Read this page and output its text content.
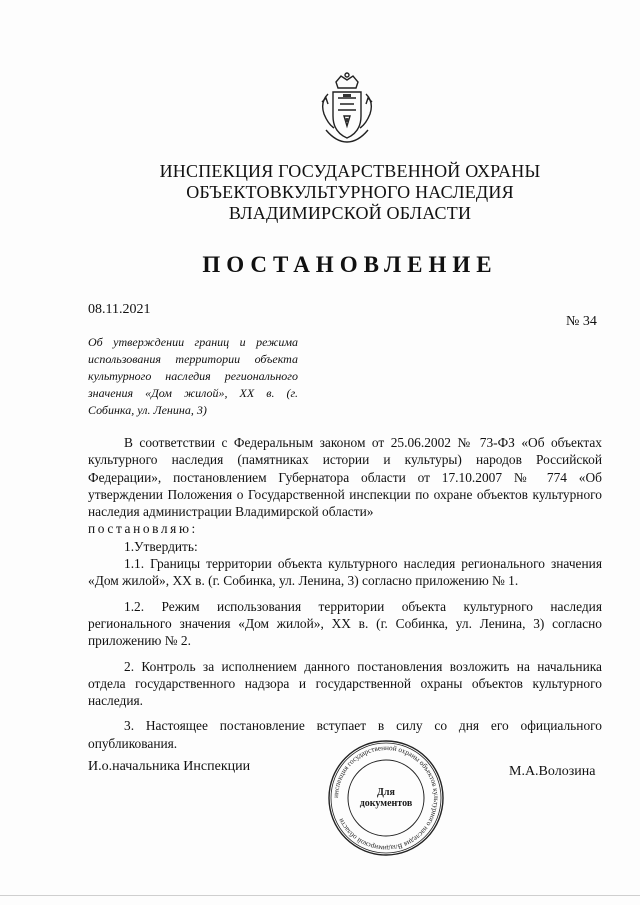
ИНСПЕКЦИЯ ГОСУДАРСТВЕННОЙ ОХРАНЫ
ОБЪЕКТОВКУЛЬТУРНОГО НАСЛЕДИЯ
ВЛАДИМИРСКОЙ ОБЛАСТИ
ПОСТАНОВЛЕНИЕ
08.11.2021
№ 34
Об утверждении границ и режима использования территории объекта культурного наследия регионального значения «Дом жилой», XX в. (г. Собинка, ул. Ленина, 3)

В соответствии с Федеральным законом от 25.06.2002 № 73-ФЗ «Об объектах культурного наследия (памятниках истории и культуры) народов Российской Федерации», постановлением Губернатора области от 17.10.2007 № 774 «Об утверждении Положения о Государственной инспекции по охране объектов культурного наследия администрации Владимирской области»

постановляю:

1.Утвердить:

1.1. Границы территории объекта культурного наследия регионального значения «Дом жилой», XX в. (г. Собинка, ул. Ленина, 3) согласно приложению № 1.

1.2. Режим использования территории объекта культурного наследия регионального значения «Дом жилой», XX в. (г. Собинка, ул. Ленина, 3) согласно приложению № 2.

2. Контроль за исполнением данного постановления возложить на начальника отдела государственного надзора и государственной охраны объектов культурного наследия.

3. Настоящее постановление вступает в силу со дня его официального опубликования.

И.о.начальника Инспекции	М.А.Волозина
инспекция государственной охраны объектов культурного наследия Владимирской области
Для
документов
